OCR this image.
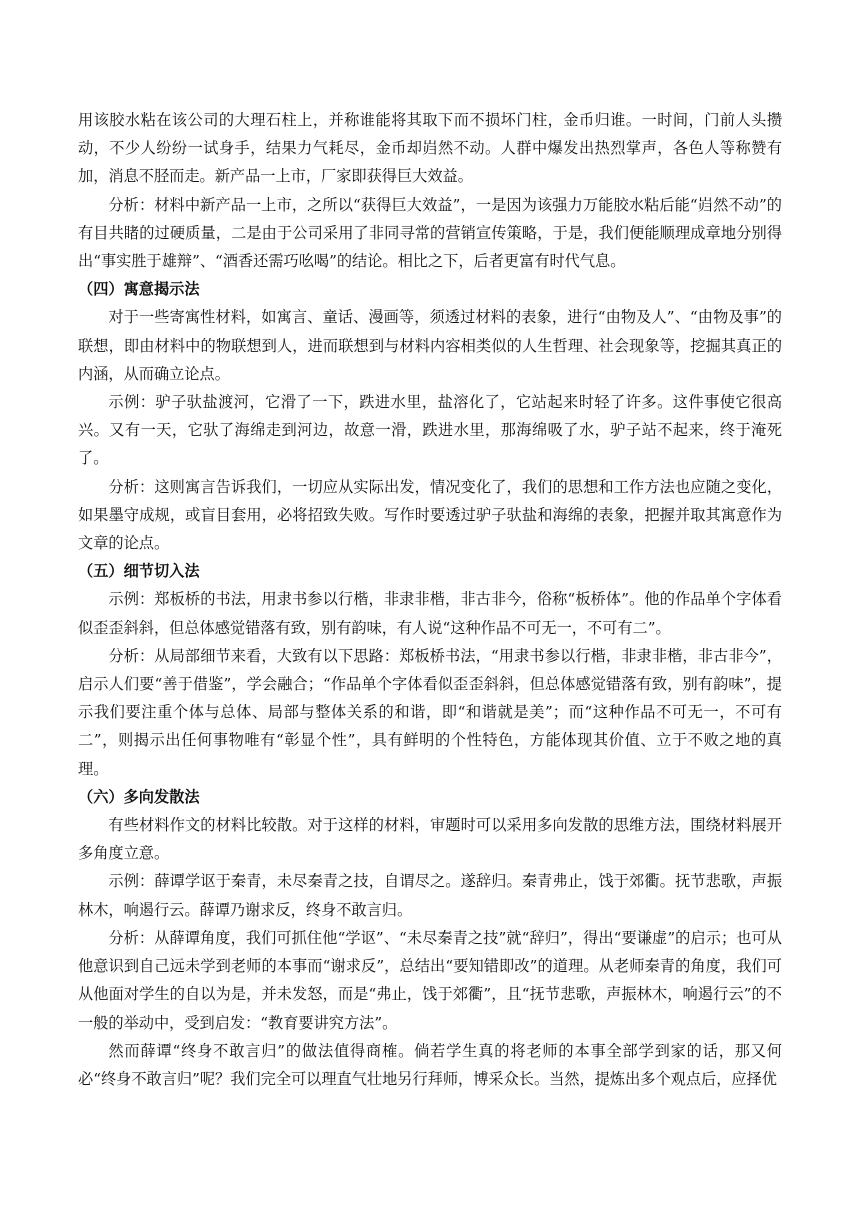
用该胶水粘在该公司的大理石柱上，并称谁能将其取下而不损坏门柱，金币归谁。一时间，门前人头攒动，不少人纷纷一试身手，结果力气耗尽，金币却岿然不动。人群中爆发出热烈掌声，各色人等称赞有加，消息不胫而走。新产品一上市，厂家即获得巨大效益。

分析：材料中新产品一上市，之所以“获得巨大效益”，一是因为该强力万能胶水粘后能“岿然不动”的有目共睹的过硬质量，二是由于公司采用了非同寻常的营销宣传策略，于是，我们便能顺理成章地分别得出“事实胜于雄辩”、“酒香还需巧吆喝”的结论。相比之下，后者更富有时代气息。

（四）寓意揭示法

对于一些寄寓性材料，如寓言、童话、漫画等，须透过材料的表象，进行“由物及人”、“由物及事”的联想，即由材料中的物联想到人，进而联想到与材料内容相类似的人生哲理、社会现象等，挖掘其真正的内涵，从而确立论点。

示例：驴子驮盐渡河，它滑了一下，跌进水里，盐溶化了，它站起来时轻了许多。这件事使它很高兴。又有一天，它驮了海绵走到河边，故意一滑，跌进水里，那海绵吸了水，驴子站不起来，终于淹死了。

分析：这则寓言告诉我们，一切应从实际出发，情况变化了，我们的思想和工作方法也应随之变化，如果墨守成规，或盲目套用，必将招致失败。写作时要透过驴子驮盐和海绵的表象，把握并取其寓意作为文章的论点。

（五）细节切入法

示例：郑板桥的书法，用隶书参以行楷，非隶非楷，非古非今，俗称“板桥体”。他的作品单个字体看似歪歪斜斜，但总体感觉错落有致，别有韵味，有人说“这种作品不可无一，不可有二”。

分析：从局部细节来看，大致有以下思路：郑板桥书法，“用隶书参以行楷，非隶非楷，非古非今”，启示人们要“善于借鉴”，学会融合；“作品单个字体看似歪歪斜斜，但总体感觉错落有致，别有韵味”，提示我们要注重个体与总体、局部与整体关系的和谐，即“和谐就是美”；而“这种作品不可无一，不可有二”，则揭示出任何事物唯有“彰显个性”，具有鲜明的个性特色，方能体现其价值、立于不败之地的真理。

（六）多向发散法

有些材料作文的材料比较散。对于这样的材料，审题时可以采用多向发散的思维方法，围绕材料展开多角度立意。

示例：薛谭学讴于秦青，未尽秦青之技，自谓尽之。遂辞归。秦青弗止，饯于郊衢。抚节悲歌，声振林木，响遏行云。薛谭乃谢求反，终身不敢言归。

分析：从薛谭角度，我们可抓住他“学讴”、“未尽秦青之技”就“辞归”，得出“要谦虚”的启示；也可从他意识到自己远未学到老师的本事而“谢求反”，总结出“要知错即改”的道理。从老师秦青的角度，我们可从他面对学生的自以为是，并未发怒，而是“弗止，饯于郊衢”，且“抚节悲歌，声振林木，响遏行云”的不一般的举动中，受到启发：“教育要讲究方法”。

然而薛谭“终身不敢言归”的做法值得商榷。倘若学生真的将老师的本事全部学到家的话，那又何必“终身不敢言归”呢？我们完全可以理直气壮地另行拜师，博采众长。当然，提炼出多个观点后，应择优
